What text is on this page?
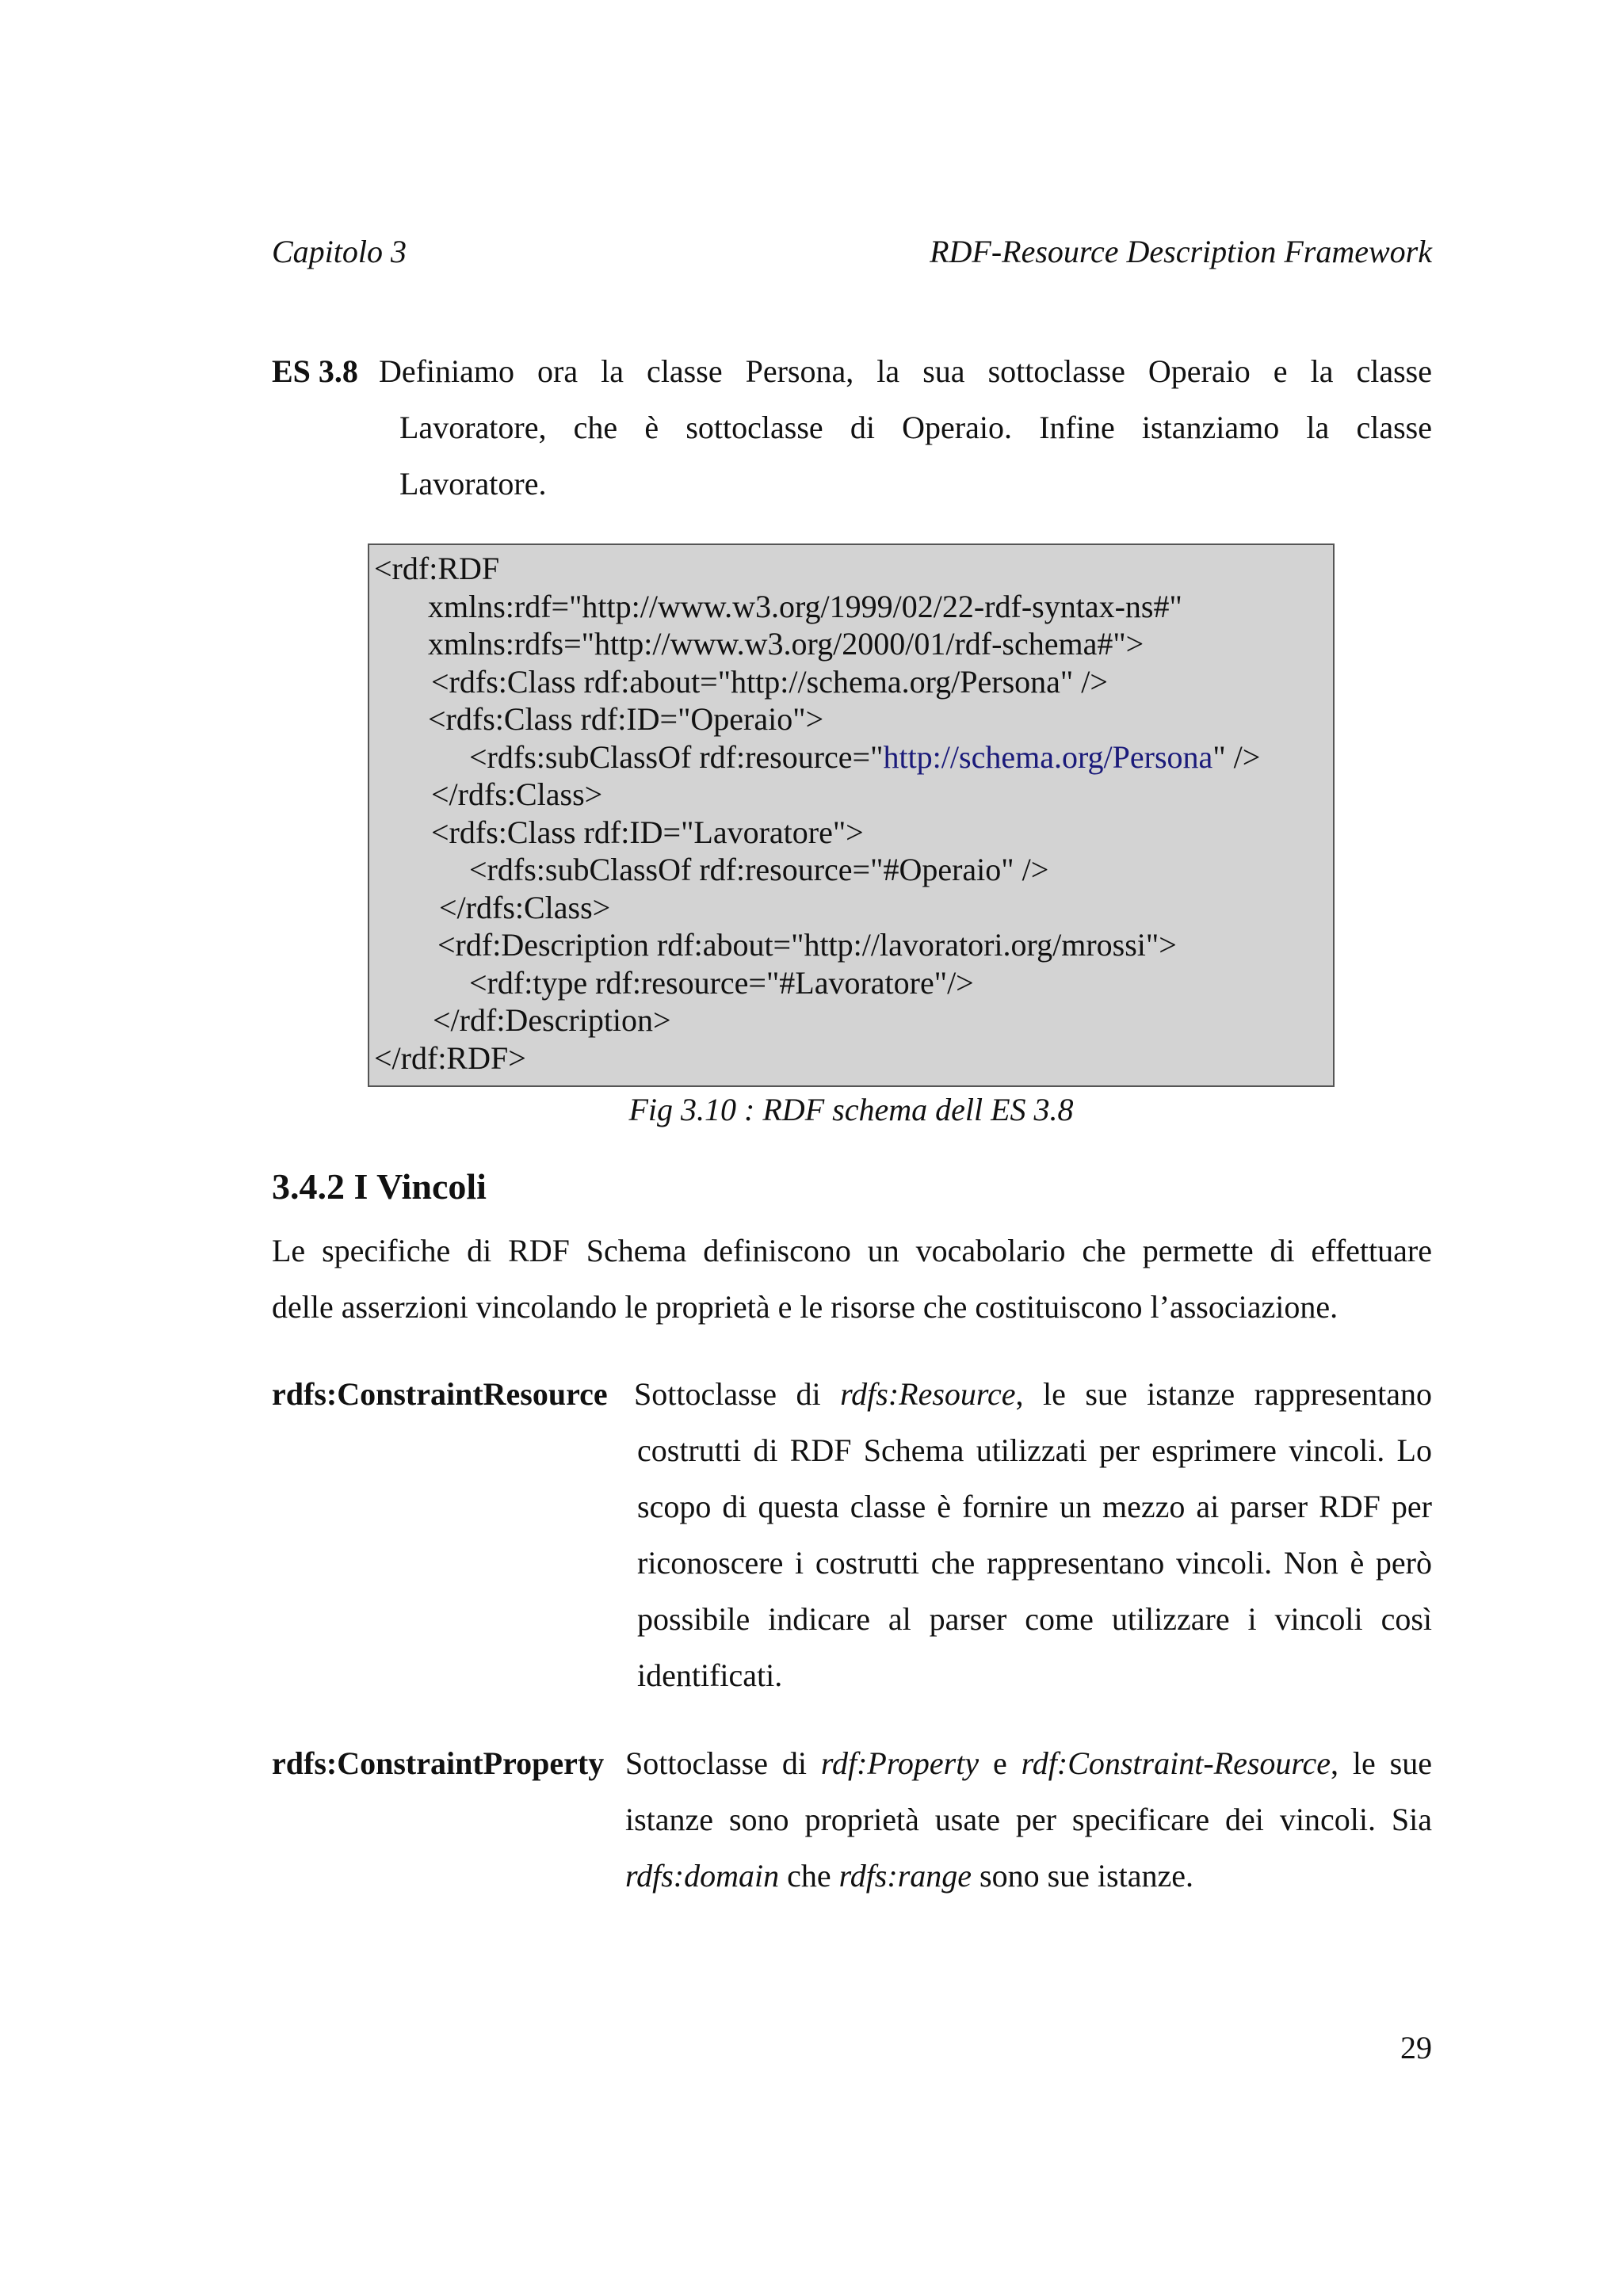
Capitolo 3	RDF-Resource Description Framework
ES 3.8 Definiamo ora la classe Persona, la sua sottoclasse Operaio e la classe
Lavoratore, che è sottoclasse di Operaio. Infine istanziamo la classe
Lavoratore.
<rdf:RDF
xmlns:rdf="http://www.w3.org/1999/02/22-rdf-syntax-ns#"
xmlns:rdfs="http://www.w3.org/2000/01/rdf-schema#">
<rdfs:Class rdf:about="http://schema.org/Persona" />
<rdfs:Class rdf:ID="Operaio">
<rdfs:subClassOf rdf:resource="http://schema.org/Persona" />
</rdfs:Class>
<rdfs:Class rdf:ID="Lavoratore">
<rdfs:subClassOf rdf:resource="#Operaio" />
</rdfs:Class>
<rdf:Description rdf:about="http://lavoratori.org/mrossi">
<rdf:type rdf:resource="#Lavoratore"/>
</rdf:Description>
</rdf:RDF>
Fig 3.10 : RDF schema dell ES 3.8
3.4.2 I Vincoli
Le specifiche di RDF Schema definiscono un vocabolario che permette di effettuare
delle asserzioni vincolando le proprietà e le risorse che costituiscono l’associazione.
rdfs:ConstraintResource Sottoclasse di rdfs:Resource, le sue istanze rappresentano
costrutti di RDF Schema utilizzati per esprimere vincoli. Lo
scopo di questa classe è fornire un mezzo ai parser RDF per
riconoscere i costrutti che rappresentano vincoli. Non è però
possibile indicare al parser come utilizzare i vincoli così
identificati.
rdfs:ConstraintProperty Sottoclasse di rdf:Property e rdf:Constraint-Resource, le sue
istanze sono proprietà usate per specificare dei vincoli. Sia
rdfs:domain che rdfs:range sono sue istanze.
29
